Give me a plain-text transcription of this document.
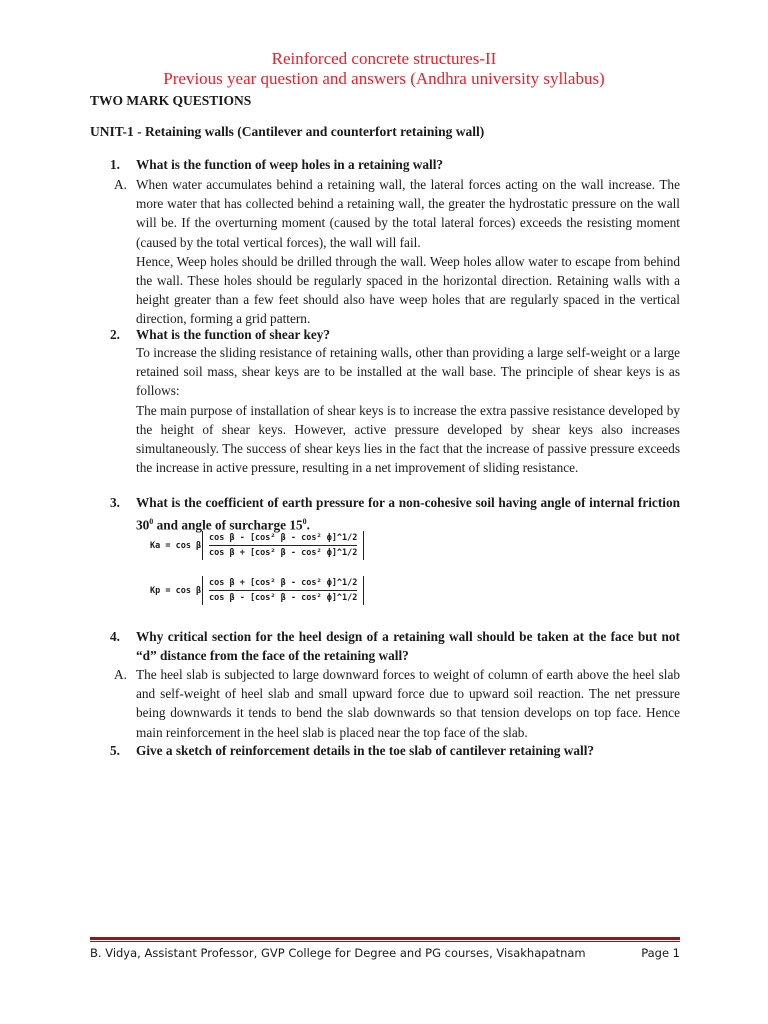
Reinforced concrete structures-II
Previous year question and answers (Andhra university syllabus)
TWO MARK QUESTIONS
UNIT-1 - Retaining walls (Cantilever and counterfort retaining wall)
1. What is the function of weep holes in a retaining wall?
A. When water accumulates behind a retaining wall, the lateral forces acting on the wall increase. The more water that has collected behind a retaining wall, the greater the hydrostatic pressure on the wall will be. If the overturning moment (caused by the total lateral forces) exceeds the resisting moment (caused by the total vertical forces), the wall will fail.

Hence, Weep holes should be drilled through the wall. Weep holes allow water to escape from behind the wall. These holes should be regularly spaced in the horizontal direction. Retaining walls with a height greater than a few feet should also have weep holes that are regularly spaced in the vertical direction, forming a grid pattern.

2. What is the function of shear key?

To increase the sliding resistance of retaining walls, other than providing a large self-weight or a large retained soil mass, shear keys are to be installed at the wall base. The principle of shear keys is as follows:

The main purpose of installation of shear keys is to increase the extra passive resistance developed by the height of shear keys. However, active pressure developed by shear keys also increases simultaneously. The success of shear keys lies in the fact that the increase of passive pressure exceeds the increase in active pressure, resulting in a net improvement of sliding resistance.

3. What is the coefficient of earth pressure for a non-cohesive soil having angle of internal friction $30^0$ and angle of surcharge $15^0$.
Ka = cos β $\frac{\text{cos β - [cos² β - cos² ϕ]\textasciicircum{}1/2}}{\text{cos β + [cos² β - cos² ϕ]\textasciicircum{}1/2}}$
Kp = cos β $\frac{\text{cos β + [cos² β - cos² ϕ]\textasciicircum{}1/2}}{\text{cos β - [cos² β - cos² ϕ]\textasciicircum{}1/2}}$
4. Why critical section for the heel design of a retaining wall should be taken at the face but not “d” distance from the face of the retaining wall?
A. The heel slab is subjected to large downward forces to weight of column of earth above the heel slab and self-weight of heel slab and small upward force due to upward soil reaction. The net pressure being downwards it tends to bend the slab downwards so that tension develops on top face. Hence main reinforcement in the heel slab is placed near the top face of the slab.

5. Give a sketch of reinforcement details in the toe slab of cantilever retaining wall?
B. Vidya, Assistant Professor, GVP College for Degree and PG courses, Visakhapatnam	Page 1
